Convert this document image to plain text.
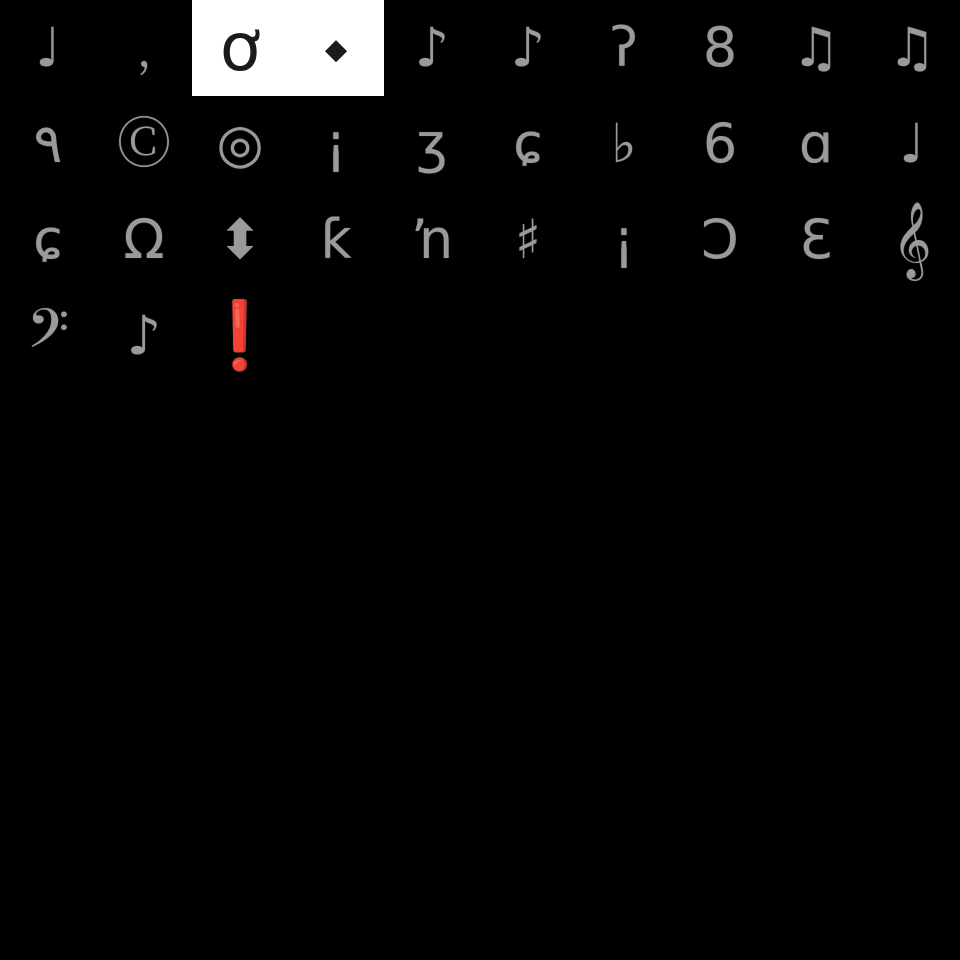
♩ ﹐ ơ ⬩ ♪ ♪ ʔ 8 ♫ ♫
٩ Ⓒ ◎ ¡ ʒ ɕ ♭ 6 ɑ ♩
ɕ Ω ⬍ ƙ ŉ ♯ ¡ Ɔ Ɛ 𝄞
𝄢 ♪ ❗
